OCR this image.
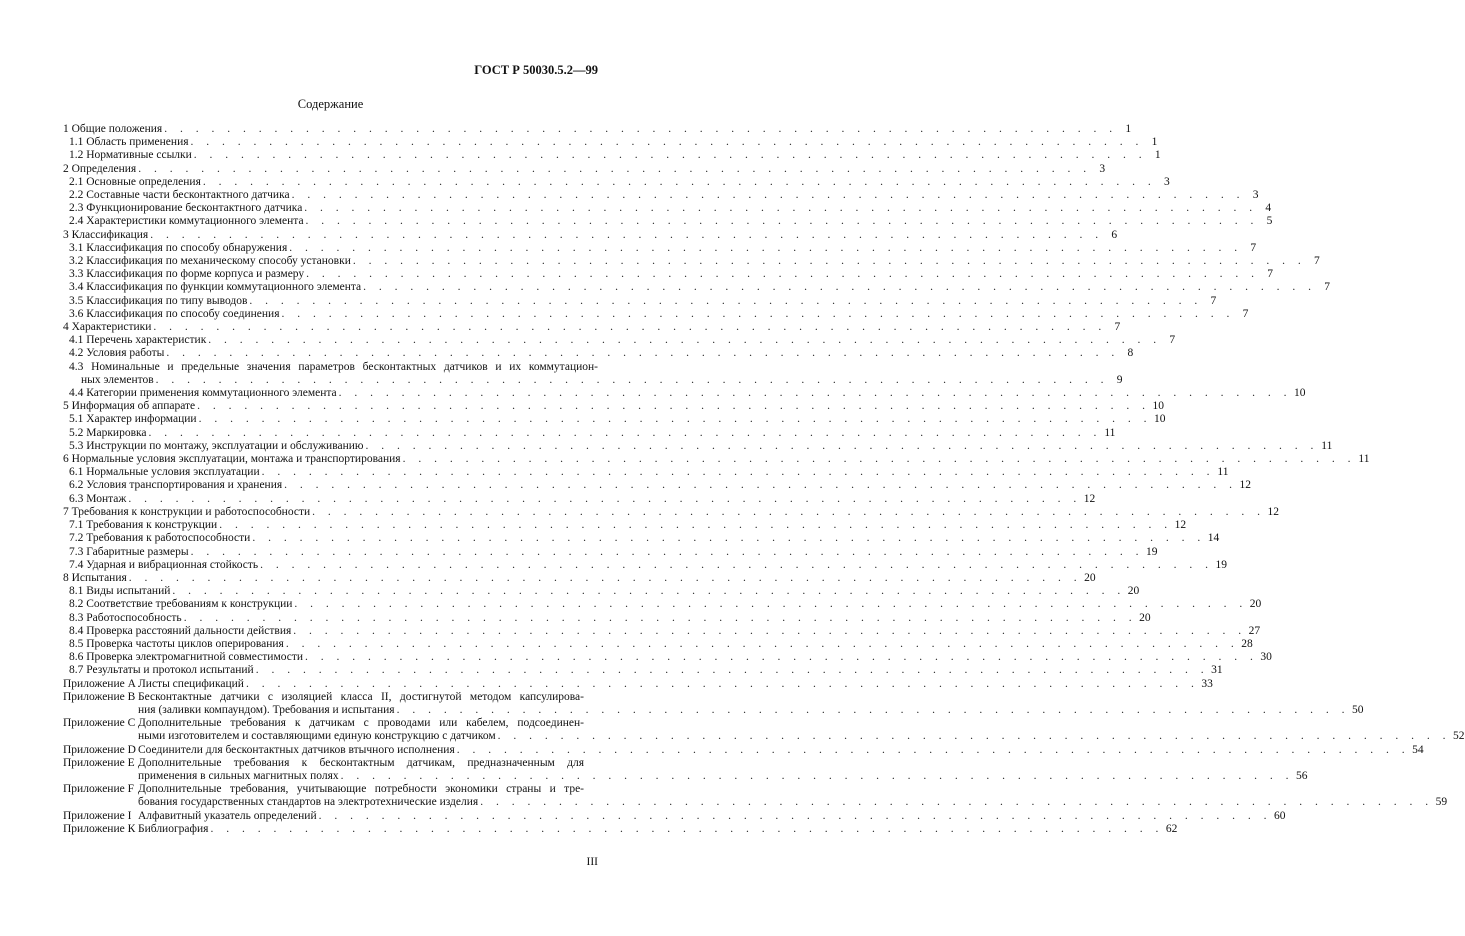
ГОСТ Р 50030.5.2—99
Содержание
1 Общие положения . . . . . . . . . . . . . . . . . . . . . . . . . . . . . . . . . . . . . . . . . . . . . . . . . . . . . . . . . . . . . 1
1.1 Область применения . . . . . . . . . . . . . . . . . . . . . . . . . . . . . . . . . . . . . . . . . . . . . . . . . . . . . . . . . . . . . 1
1.2 Нормативные ссылки . . . . . . . . . . . . . . . . . . . . . . . . . . . . . . . . . . . . . . . . . . . . . . . . . . . . . . . . . . . . . 1
2 Определения . . . . . . . . . . . . . . . . . . . . . . . . . . . . . . . . . . . . . . . . . . . . . . . . . . . . . . . . . . . . . 3
2.1 Основные определения . . . . . . . . . . . . . . . . . . . . . . . . . . . . . . . . . . . . . . . . . . . . . . . . . . . . . . . . . . . . . 3
2.2 Составные части бесконтактного датчика . . . . . . . . . . . . . . . . . . . . . . . . . . . . . . . . . . . . . . . . . . . . . . . . . . . . . . . . . . . . . 3
2.3 Функционирование бесконтактного датчика . . . . . . . . . . . . . . . . . . . . . . . . . . . . . . . . . . . . . . . . . . . . . . . . . . . . . . . . . . . . . 4
2.4 Характеристики коммутационного элемента . . . . . . . . . . . . . . . . . . . . . . . . . . . . . . . . . . . . . . . . . . . . . . . . . . . . . . . . . . . . . 5
3 Классификация . . . . . . . . . . . . . . . . . . . . . . . . . . . . . . . . . . . . . . . . . . . . . . . . . . . . . . . . . . . . . 6
3.1 Классификация по способу обнаружения . . . . . . . . . . . . . . . . . . . . . . . . . . . . . . . . . . . . . . . . . . . . . . . . . . . . . . . . . . . . . 7
3.2 Классификация по механическому способу установки . . . . . . . . . . . . . . . . . . . . . . . . . . . . . . . . . . . . . . . . . . . . . . . . . . . . . . . . . . . . . 7
3.3 Классификация по форме корпуса и размеру . . . . . . . . . . . . . . . . . . . . . . . . . . . . . . . . . . . . . . . . . . . . . . . . . . . . . . . . . . . . . 7
3.4 Классификация по функции коммутационного элемента . . . . . . . . . . . . . . . . . . . . . . . . . . . . . . . . . . . . . . . . . . . . . . . . . . . . . . . . . . . . . 7
3.5 Классификация по типу выводов . . . . . . . . . . . . . . . . . . . . . . . . . . . . . . . . . . . . . . . . . . . . . . . . . . . . . . . . . . . . . 7
3.6 Классификация по способу соединения . . . . . . . . . . . . . . . . . . . . . . . . . . . . . . . . . . . . . . . . . . . . . . . . . . . . . . . . . . . . . 7
4 Характеристики . . . . . . . . . . . . . . . . . . . . . . . . . . . . . . . . . . . . . . . . . . . . . . . . . . . . . . . . . . . . . 7
4.1 Перечень характеристик . . . . . . . . . . . . . . . . . . . . . . . . . . . . . . . . . . . . . . . . . . . . . . . . . . . . . . . . . . . . . 7
4.2 Условия работы . . . . . . . . . . . . . . . . . . . . . . . . . . . . . . . . . . . . . . . . . . . . . . . . . . . . . . . . . . . . . 8
4.3 Номинальные и предельные значения параметров бесконтактных датчиков и их коммутацион-
ных элементов . . . . . . . . . . . . . . . . . . . . . . . . . . . . . . . . . . . . . . . . . . . . . . . . . . . . . . . . . . . . . 9
4.4 Категории применения коммутационного элемента . . . . . . . . . . . . . . . . . . . . . . . . . . . . . . . . . . . . . . . . . . . . . . . . . . . . . . . . . . . . . 10
5 Информация об аппарате . . . . . . . . . . . . . . . . . . . . . . . . . . . . . . . . . . . . . . . . . . . . . . . . . . . . . . . . . . . . . 10
5.1 Характер информации . . . . . . . . . . . . . . . . . . . . . . . . . . . . . . . . . . . . . . . . . . . . . . . . . . . . . . . . . . . . . 10
5.2 Маркировка . . . . . . . . . . . . . . . . . . . . . . . . . . . . . . . . . . . . . . . . . . . . . . . . . . . . . . . . . . . . . 11
5.3 Инструкции по монтажу, эксплуатации и обслуживанию . . . . . . . . . . . . . . . . . . . . . . . . . . . . . . . . . . . . . . . . . . . . . . . . . . . . . . . . . . . . . 11
6 Нормальные условия эксплуатации, монтажа и транспортирования . . . . . . . . . . . . . . . . . . . . . . . . . . . . . . . . . . . . . . . . . . . . . . . . . . . . . . . . . . . . . 11
6.1 Нормальные условия эксплуатации . . . . . . . . . . . . . . . . . . . . . . . . . . . . . . . . . . . . . . . . . . . . . . . . . . . . . . . . . . . . . 11
6.2 Условия транспортирования и хранения . . . . . . . . . . . . . . . . . . . . . . . . . . . . . . . . . . . . . . . . . . . . . . . . . . . . . . . . . . . . . 12
6.3 Монтаж . . . . . . . . . . . . . . . . . . . . . . . . . . . . . . . . . . . . . . . . . . . . . . . . . . . . . . . . . . . . . 12
7 Требования к конструкции и работоспособности . . . . . . . . . . . . . . . . . . . . . . . . . . . . . . . . . . . . . . . . . . . . . . . . . . . . . . . . . . . . . 12
7.1 Требования к конструкции . . . . . . . . . . . . . . . . . . . . . . . . . . . . . . . . . . . . . . . . . . . . . . . . . . . . . . . . . . . . . 12
7.2 Требования к работоспособности . . . . . . . . . . . . . . . . . . . . . . . . . . . . . . . . . . . . . . . . . . . . . . . . . . . . . . . . . . . . . 14
7.3 Габаритные размеры . . . . . . . . . . . . . . . . . . . . . . . . . . . . . . . . . . . . . . . . . . . . . . . . . . . . . . . . . . . . . 19
7.4 Ударная и вибрационная стойкость . . . . . . . . . . . . . . . . . . . . . . . . . . . . . . . . . . . . . . . . . . . . . . . . . . . . . . . . . . . . . 19
8 Испытания . . . . . . . . . . . . . . . . . . . . . . . . . . . . . . . . . . . . . . . . . . . . . . . . . . . . . . . . . . . . . 20
8.1 Виды испытаний . . . . . . . . . . . . . . . . . . . . . . . . . . . . . . . . . . . . . . . . . . . . . . . . . . . . . . . . . . . . . 20
8.2 Соответствие требованиям к конструкции . . . . . . . . . . . . . . . . . . . . . . . . . . . . . . . . . . . . . . . . . . . . . . . . . . . . . . . . . . . . . 20
8.3 Работоспособность . . . . . . . . . . . . . . . . . . . . . . . . . . . . . . . . . . . . . . . . . . . . . . . . . . . . . . . . . . . . . 20
8.4 Проверка расстояний дальности действия . . . . . . . . . . . . . . . . . . . . . . . . . . . . . . . . . . . . . . . . . . . . . . . . . . . . . . . . . . . . . 27
8.5 Проверка частоты циклов оперирования . . . . . . . . . . . . . . . . . . . . . . . . . . . . . . . . . . . . . . . . . . . . . . . . . . . . . . . . . . . . . 28
8.6 Проверка электромагнитной совместимости . . . . . . . . . . . . . . . . . . . . . . . . . . . . . . . . . . . . . . . . . . . . . . . . . . . . . . . . . . . . . 30
8.7 Результаты и протокол испытаний . . . . . . . . . . . . . . . . . . . . . . . . . . . . . . . . . . . . . . . . . . . . . . . . . . . . . . . . . . . . . 31
Приложение А Листы спецификаций . . . . . . . . . . . . . . . . . . . . . . . . . . . . . . . . . . . . . . . . . . . . . . . . . . . . . . . . . . . . . 33
Приложение В Бесконтактные датчики с изоляцией класса II, достигнутой методом капсулирова-
ния (заливки компаундом). Требования и испытания . . . . . . . . . . . . . . . . . . . . . . . . . . . . . . . . . . . . . . . . . . . . . . . . . . . . . . . . . . . . . 50
Приложение С Дополнительные требования к датчикам с проводами или кабелем, подсоединен-
ными изготовителем и составляющими единую конструкцию с датчиком . . . . . . . . . . . . . . . . . . . . . . . . . . . . . . . . . . . . . . . . . . . . . . . . . . . . . . . . . . . . . 52
Приложение D Соединители для бесконтактных датчиков втычного исполнения . . . . . . . . . . . . . . . . . . . . . . . . . . . . . . . . . . . . . . . . . . . . . . . . . . . . . . . . . . . . . 54
Приложение Е Дополнительные требования к бесконтактным датчикам, предназначенным для
применения в сильных магнитных полях . . . . . . . . . . . . . . . . . . . . . . . . . . . . . . . . . . . . . . . . . . . . . . . . . . . . . . . . . . . . . 56
Приложение F Дополнительные требования, учитывающие потребности экономики страны и тре-
бования государственных стандартов на электротехнические изделия . . . . . . . . . . . . . . . . . . . . . . . . . . . . . . . . . . . . . . . . . . . . . . . . . . . . . . . . . . . . . 59
Приложение I Алфавитный указатель определений . . . . . . . . . . . . . . . . . . . . . . . . . . . . . . . . . . . . . . . . . . . . . . . . . . . . . . . . . . . . . 60
Приложение К Библиография . . . . . . . . . . . . . . . . . . . . . . . . . . . . . . . . . . . . . . . . . . . . . . . . . . . . . . . . . . . . . 62
III
